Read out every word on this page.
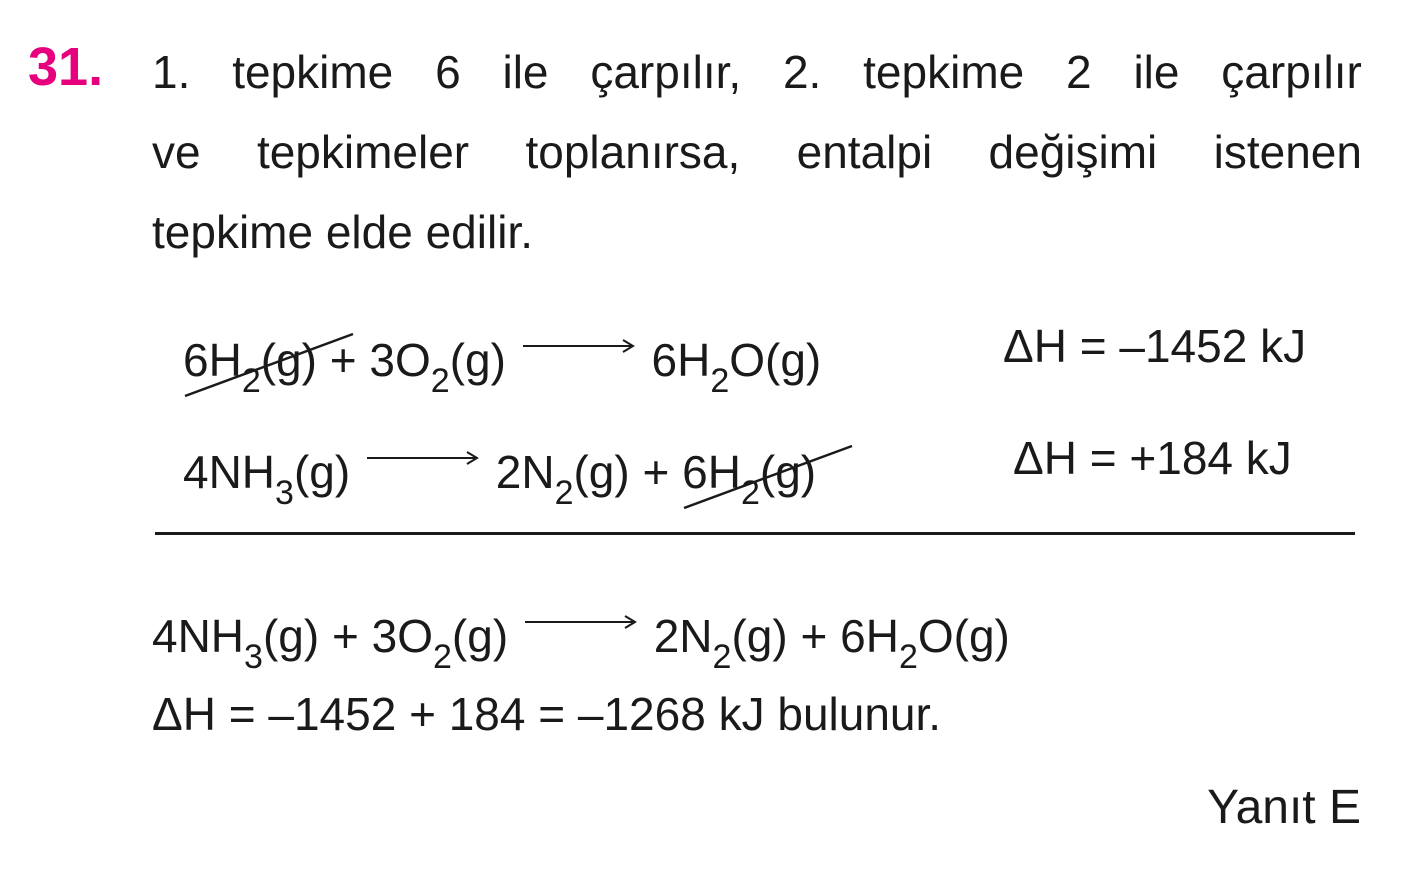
31. 1. tepkime 6 ile çarpılır, 2. tepkime 2 ile çarpılır
ve tepkimeler toplanırsa, entalpi değişimi istenen
tepkime elde edilir.
$6H_2(g) + 3O_2(g)$	$6H_2O(g)$	ΔH = –1452 kJ
$4NH_3(g)$	$2N_2(g) + 6H_2(g)$	ΔH = +184 kJ
$4NH_3(g) + 3O_2(g)$	$2N_2(g) + 6H_2O(g)$
ΔH = –1452 + 184 = –1268 kJ bulunur.
Yanıt E
